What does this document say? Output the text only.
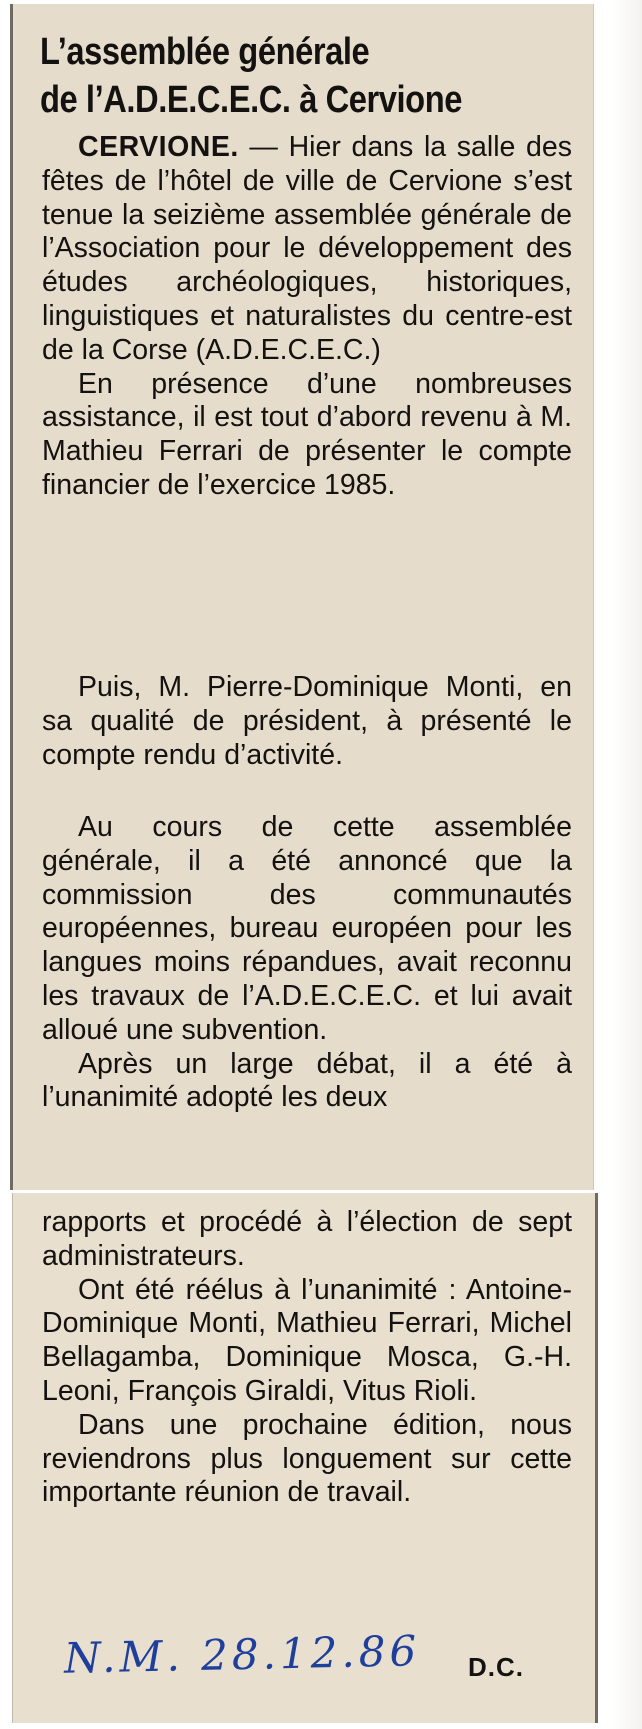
L’assemblée générale
de l’A.D.E.C.E.C. à Cervione

CERVIONE. — Hier dans la salle des fêtes de l’hôtel de ville de Cervione s’est tenue la seizième assemblée générale de l’Association pour le développement des études archéologiques, historiques, linguistiques et naturalistes du centre-est de la Corse (A.D.E.C.E.C.)

En présence d’une nombreuses assistance, il est tout d’abord revenu à M. Mathieu Ferrari de présenter le compte financier de l’exercice 1985.

Puis, M. Pierre-Dominique Monti, en sa qualité de président, à présenté le compte rendu d’activité.

Au cours de cette assemblée générale, il a été annoncé que la commission des communautés européennes, bureau européen pour les langues moins répandues, avait reconnu les travaux de l’A.D.E.C.E.C. et lui avait alloué une subvention.

Après un large débat, il a été à l’unanimité adopté les deux

rapports et procédé à l’élection de sept administrateurs.

Ont été réélus à l’unanimité : Antoine-Dominique Monti, Mathieu Ferrari, Michel Bellagamba, Dominique Mosca, G.-H. Leoni, François Giraldi, Vitus Rioli.

Dans une prochaine édition, nous reviendrons plus longuement sur cette importante réunion de travail.

N.M. 28.12.86 D.C.
